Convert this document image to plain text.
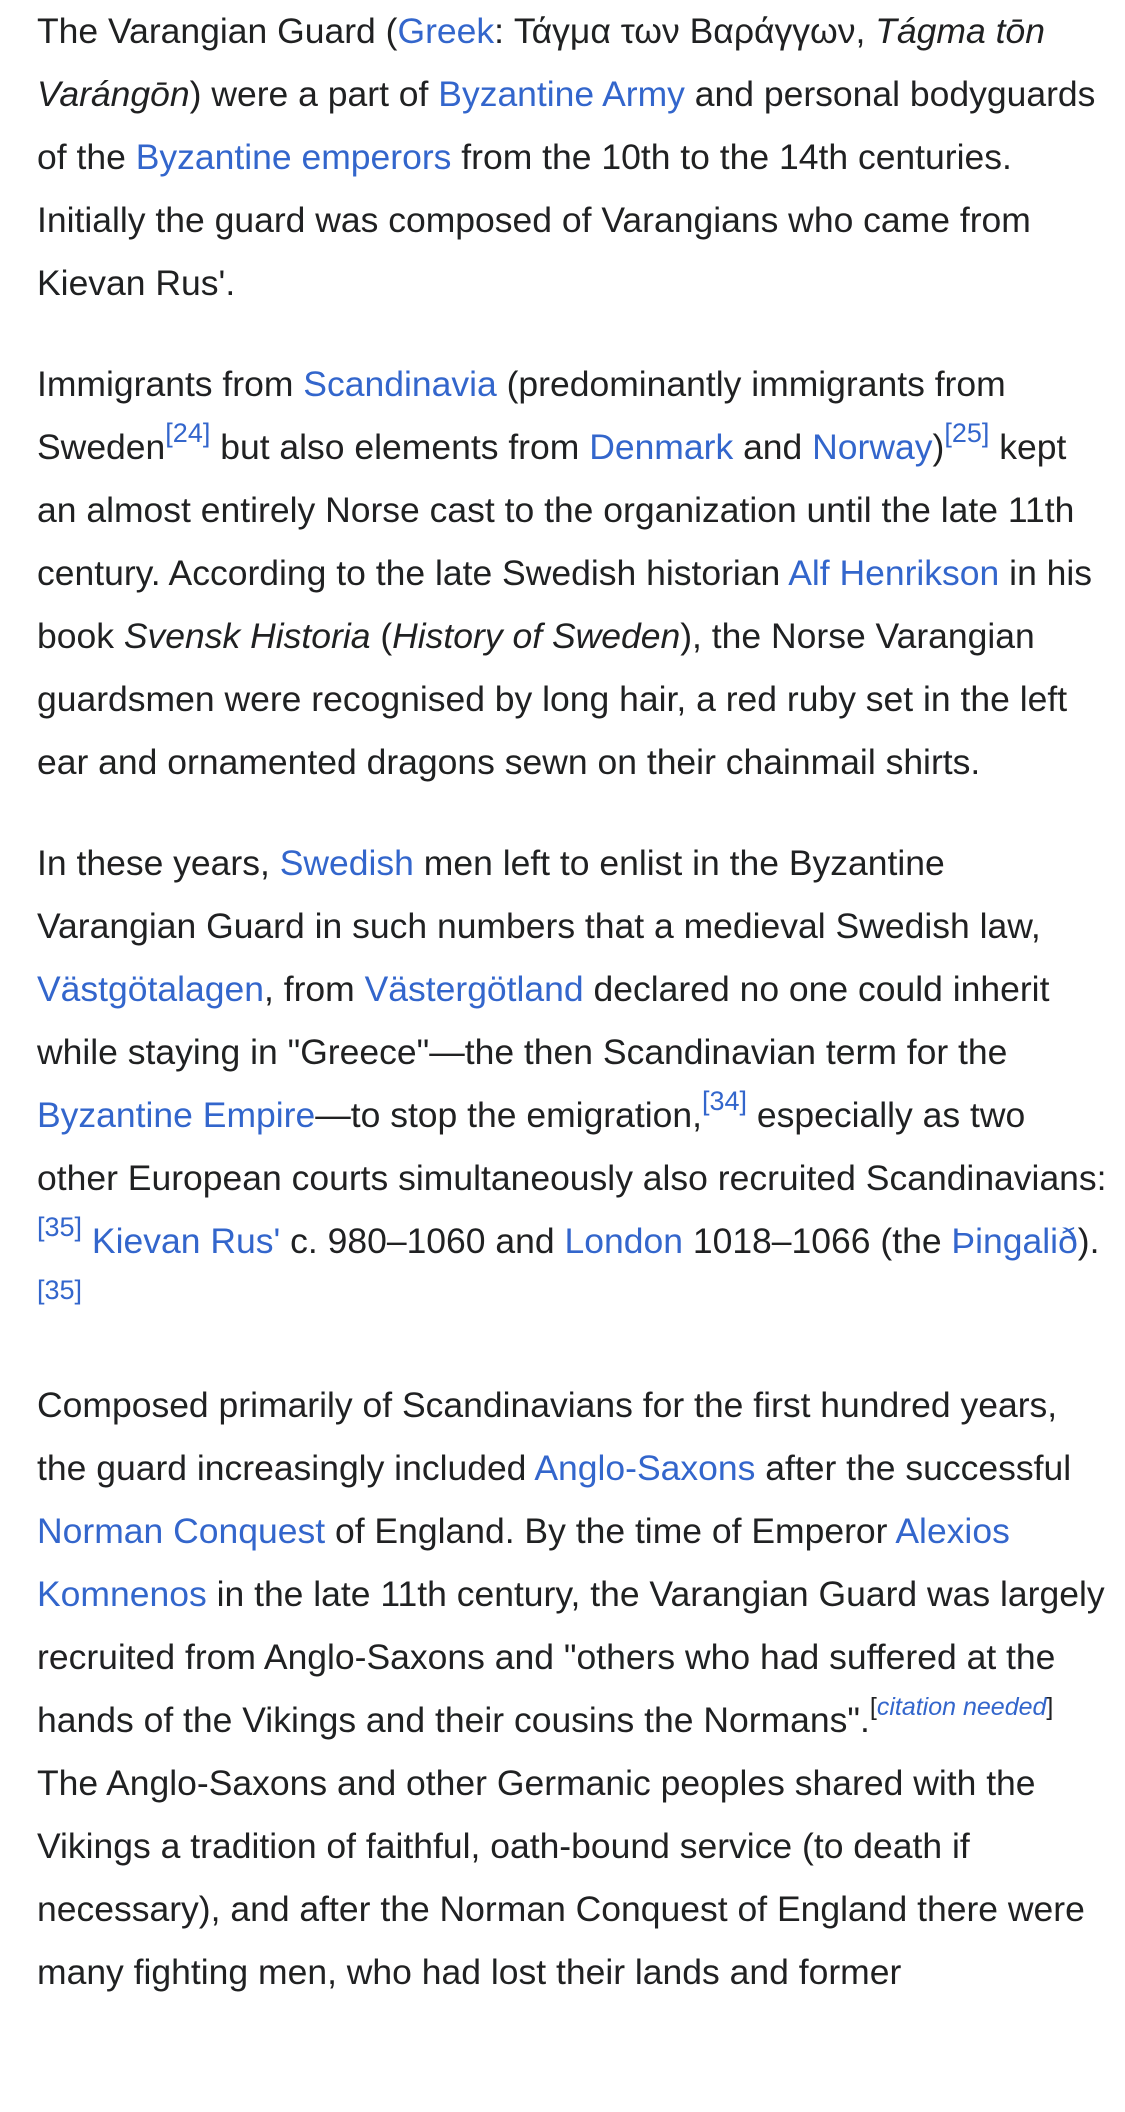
The Varangian Guard (Greek: Τάγμα των Βαράγγων, Tágma tōn Varángōn) were a part of Byzantine Army and personal bodyguards of the Byzantine emperors from the 10th to the 14th centuries. Initially the guard was composed of Varangians who came from Kievan Rus'.

Immigrants from Scandinavia (predominantly immigrants from Sweden[24] but also elements from Denmark and Norway)[25] kept an almost entirely Norse cast to the organization until the late 11th century. According to the late Swedish historian Alf Henrikson in his book Svensk Historia (History of Sweden), the Norse Varangian guardsmen were recognised by long hair, a red ruby set in the left ear and ornamented dragons sewn on their chainmail shirts.

In these years, Swedish men left to enlist in the Byzantine Varangian Guard in such numbers that a medieval Swedish law, Västgötalagen, from Västergötland declared no one could inherit while staying in "Greece"—the then Scandinavian term for the Byzantine Empire—to stop the emigration,[34] especially as two other European courts simultaneously also recruited Scandinavians:[35] Kievan Rus' c. 980–1060 and London 1018–1066 (the Þingalið).[35]

Composed primarily of Scandinavians for the first hundred years, the guard increasingly included Anglo-Saxons after the successful Norman Conquest of England. By the time of Emperor Alexios Komnenos in the late 11th century, the Varangian Guard was largely recruited from Anglo-Saxons and "others who had suffered at the hands of the Vikings and their cousins the Normans".[citation needed] The Anglo-Saxons and other Germanic peoples shared with the Vikings a tradition of faithful, oath-bound service (to death if necessary), and after the Norman Conquest of England there were many fighting men, who had lost their lands and former
